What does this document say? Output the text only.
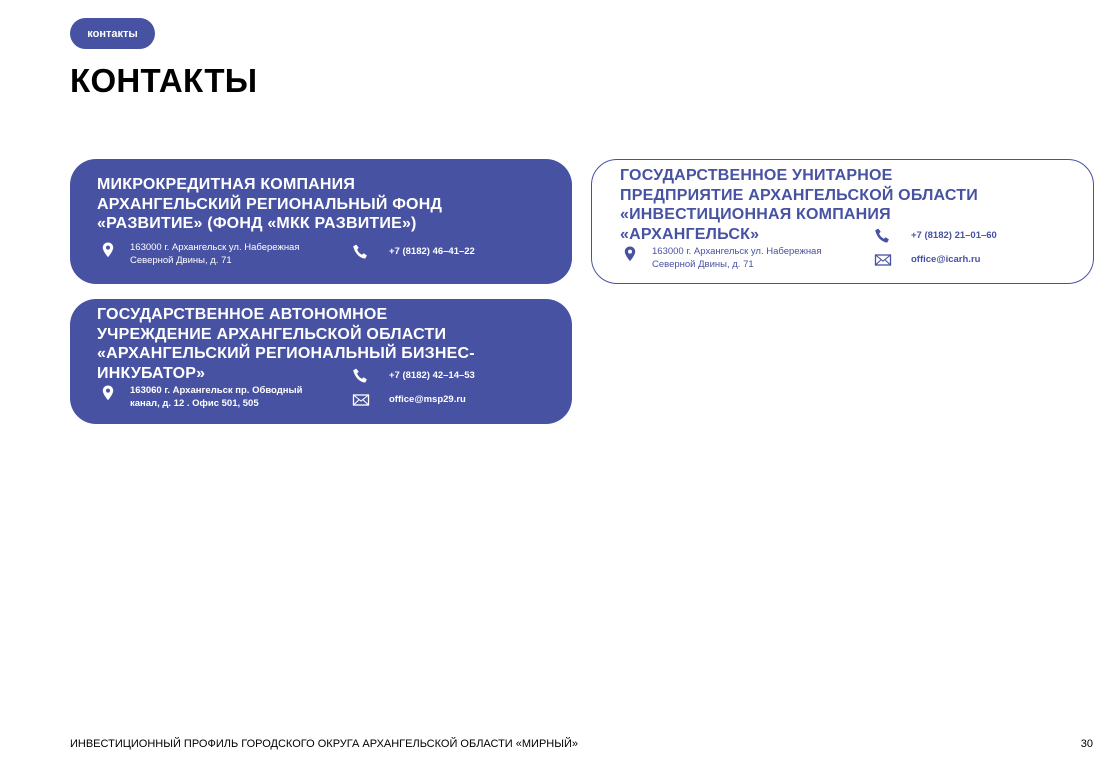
контакты
КОНТАКТЫ
МИКРОКРЕДИТНАЯ КОМПАНИЯ
АРХАНГЕЛЬСКИЙ РЕГИОНАЛЬНЫЙ ФОНД
«РАЗВИТИЕ» (ФОНД «МКК РАЗВИТИЕ»)
163000 г. Архангельск ул. Набережная
Северной Двины, д. 71
+7 (8182) 46–41–22
ГОСУДАРСТВЕННОЕ УНИТАРНОЕ
ПРЕДПРИЯТИЕ АРХАНГЕЛЬСКОЙ ОБЛАСТИ
«ИНВЕСТИЦИОННАЯ КОМПАНИЯ
«АРХАНГЕЛЬСК»
163000 г. Архангельск ул. Набережная
Северной Двины, д. 71
+7 (8182) 21–01–60
office@icarh.ru
ГОСУДАРСТВЕННОЕ АВТОНОМНОЕ
УЧРЕЖДЕНИЕ АРХАНГЕЛЬСКОЙ ОБЛАСТИ
«АРХАНГЕЛЬСКИЙ РЕГИОНАЛЬНЫЙ БИЗНЕС-
ИНКУБАТОР»
163060 г. Архангельск пр. Обводный
канал, д. 12 . Офис 501, 505
+7 (8182) 42–14–53
office@msp29.ru
ИНВЕСТИЦИОННЫЙ ПРОФИЛЬ ГОРОДСКОГО ОКРУГА АРХАНГЕЛЬСКОЙ ОБЛАСТИ «МИРНЫЙ»	30
